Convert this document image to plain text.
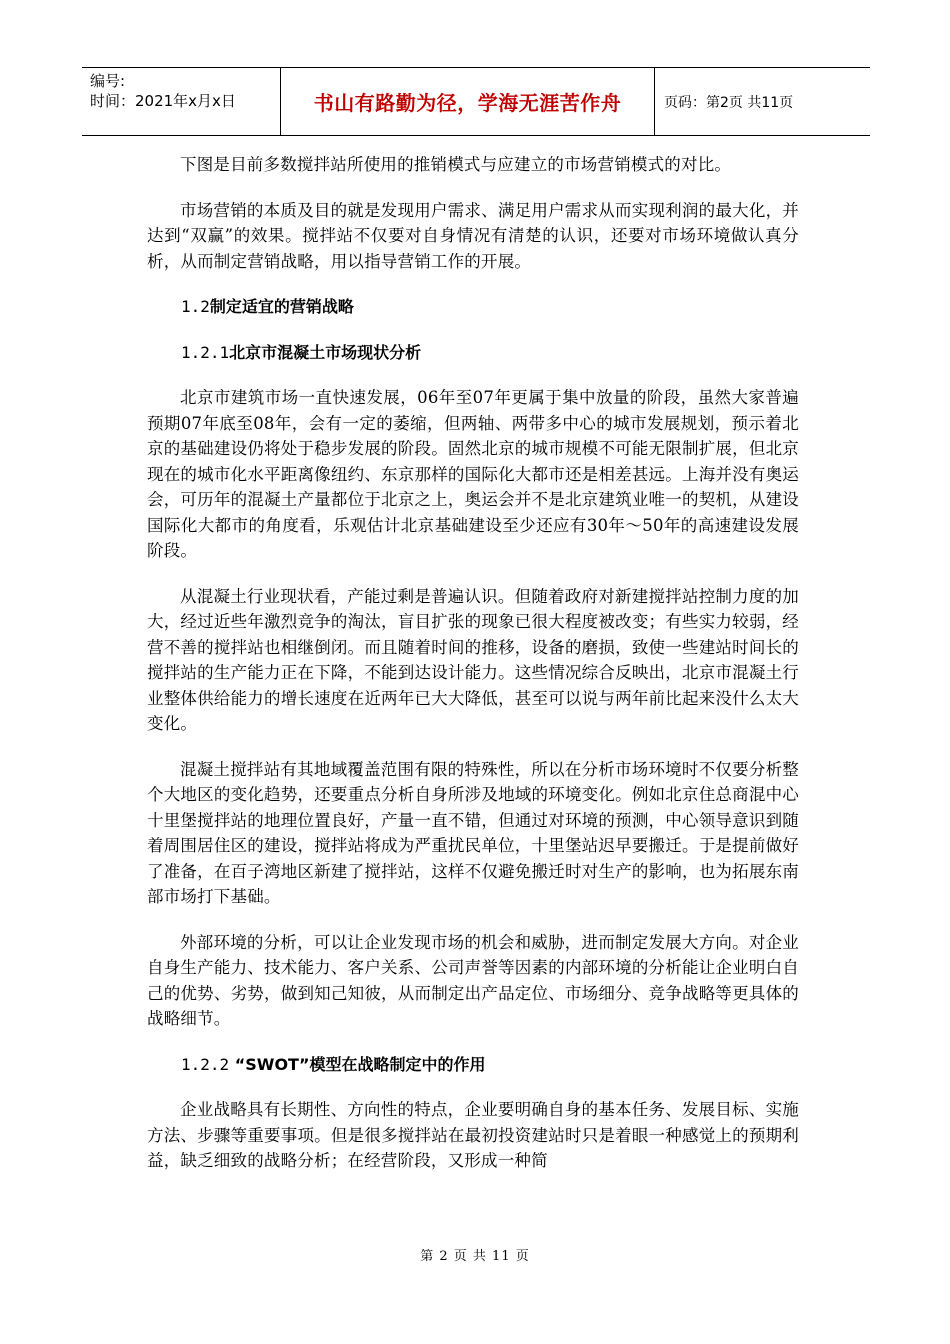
编号:
时间：2021年x月x日	书山有路勤为径，学海无涯苦作舟	页码：第2页 共11页

下图是目前多数搅拌站所使用的推销模式与应建立的市场营销模式的对比。

市场营销的本质及目的就是发现用户需求、满足用户需求从而实现利润的最大化，并达到“双赢”的效果。搅拌站不仅要对自身情况有清楚的认识，还要对市场环境做认真分析，从而制定营销战略，用以指导营销工作的开展。

1.2制定适宜的营销战略
1.2.1北京市混凝土市场现状分析

北京市建筑市场一直快速发展，06年至07年更属于集中放量的阶段，虽然大家普遍预期07年底至08年，会有一定的萎缩，但两轴、两带多中心的城市发展规划，预示着北京的基础建设仍将处于稳步发展的阶段。固然北京的城市规模不可能无限制扩展，但北京现在的城市化水平距离像纽约、东京那样的国际化大都市还是相差甚远。上海并没有奥运会，可历年的混凝土产量都位于北京之上，奥运会并不是北京建筑业唯一的契机，从建设国际化大都市的角度看，乐观估计北京基础建设至少还应有30年～50年的高速建设发展阶段。

从混凝土行业现状看，产能过剩是普遍认识。但随着政府对新建搅拌站控制力度的加大，经过近些年激烈竞争的淘汰，盲目扩张的现象已很大程度被改变；有些实力较弱，经营不善的搅拌站也相继倒闭。而且随着时间的推移，设备的磨损，致使一些建站时间长的搅拌站的生产能力正在下降，不能到达设计能力。这些情况综合反映出，北京市混凝土行业整体供给能力的增长速度在近两年已大大降低，甚至可以说与两年前比起来没什么太大变化。

混凝土搅拌站有其地域覆盖范围有限的特殊性，所以在分析市场环境时不仅要分析整个大地区的变化趋势，还要重点分析自身所涉及地域的环境变化。例如北京住总商混中心十里堡搅拌站的地理位置良好，产量一直不错，但通过对环境的预测，中心领导意识到随着周围居住区的建设，搅拌站将成为严重扰民单位，十里堡站迟早要搬迁。于是提前做好了准备，在百子湾地区新建了搅拌站，这样不仅避免搬迁时对生产的影响，也为拓展东南部市场打下基础。

外部环境的分析，可以让企业发现市场的机会和威胁，进而制定发展大方向。对企业自身生产能力、技术能力、客户关系、公司声誉等因素的内部环境的分析能让企业明白自己的优势、劣势，做到知己知彼，从而制定出产品定位、市场细分、竞争战略等更具体的战略细节。

1.2.2 “SWOT”模型在战略制定中的作用

企业战略具有长期性、方向性的特点，企业要明确自身的基本任务、发展目标、实施方法、步骤等重要事项。但是很多搅拌站在最初投资建站时只是着眼一种感觉上的预期利益，缺乏细致的战略分析；在经营阶段，又形成一种简

第 2 页 共 11 页
